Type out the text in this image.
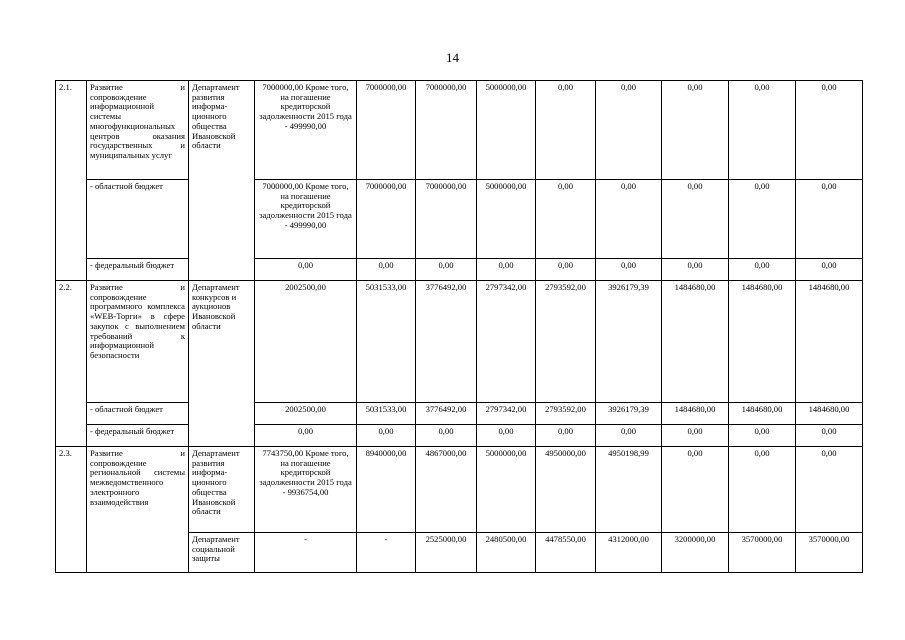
14
2.1.	Развитие и сопровождение информационной системы многофункциональных центров оказания государственных и муниципальных услуг	Департамент развития информа-ционного общества Ивановской области	7000000,00 Кроме того, на погашение кредиторской задолженности 2015 года - 499990,00	7000000,00	7000000,00	5000000,00	0,00	0,00	0,00	0,00	0,00
	- областной бюджет		7000000,00 Кроме того, на погашение кредиторской задолженности 2015 года - 499990,00	7000000,00	7000000,00	5000000,00	0,00	0,00	0,00	0,00	0,00
	- федеральный бюджет		0,00	0,00	0,00	0,00	0,00	0,00	0,00	0,00	0,00
2.2.	Развитие и сопровождение программного комплекса «WEB-Торги» в сфере закупок с выполнением требований к информационной безопасности	Департамент конкурсов и аукционов Ивановской области	2002500,00	5031533,00	3776492,00	2797342,00	2793592,00	3926179,39	1484680,00	1484680,00	1484680,00
	- областной бюджет		2002500,00	5031533,00	3776492,00	2797342,00	2793592,00	3926179,39	1484680,00	1484680,00	1484680,00
	- федеральный бюджет		0,00	0,00	0,00	0,00	0,00	0,00	0,00	0,00	0,00
2.3.	Развитие и сопровождение региональной системы межведомственного электронного взаимодействия	Департамент развития информа-ционного общества Ивановской области	7743750,00 Кроме того, на погашение кредиторской задолженности 2015 года - 9936754,00	8940000,00	4867000,00	5000000,00	4950000,00	4950198,99	0,00	0,00	0,00
		Департамент социальной защиты	-	-	2525000,00	2480500,00	4478550,00	4312000,00	3200000,00	3570000,00	3570000,00
